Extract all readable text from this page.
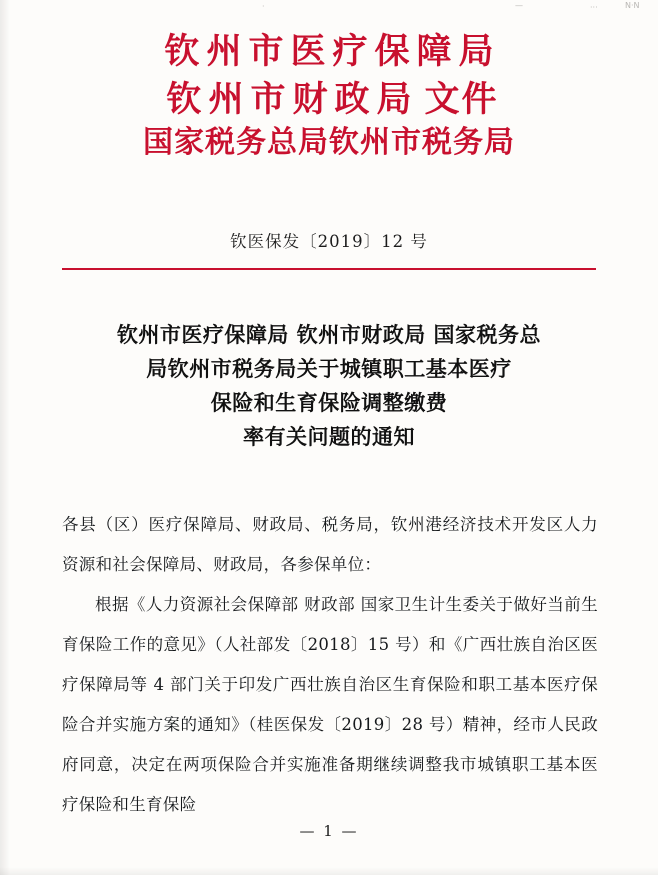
·	—	···	N·N
钦州市医疗保障局
钦州市财政局 文件
国家税务总局钦州市税务局
钦医保发〔2019〕12 号
钦州市医疗保障局 钦州市财政局 国家税务总
局钦州市税务局关于城镇职工基本医疗
保险和生育保险调整缴费
率有关问题的通知

各县（区）医疗保障局、财政局、税务局，钦州港经济技术开发区人力资源和社会保障局、财政局，各参保单位：

根据《人力资源社会保障部 财政部 国家卫生计生委关于做好当前生育保险工作的意见》（人社部发〔2018〕15 号）和《广西壮族自治区医疗保障局等 4 部门关于印发广西壮族自治区生育保险和职工基本医疗保险合并实施方案的通知》（桂医保发〔2019〕28 号）精神，经市人民政府同意，决定在两项保险合并实施准备期继续调整我市城镇职工基本医疗保险和生育保险

— 1 —
